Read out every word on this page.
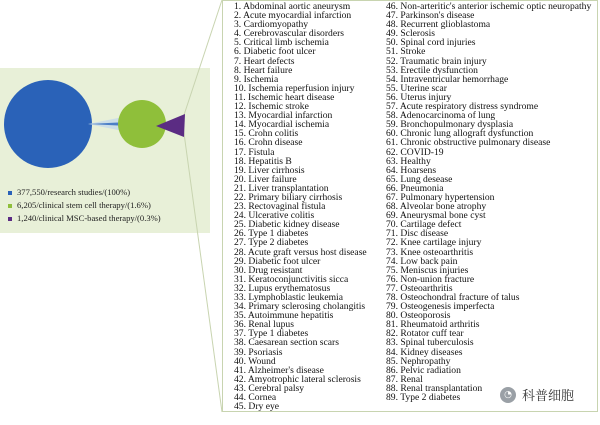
377,550/research studies/(100%)
6,205/clinical stem cell therapy/(1.6%)
1,240/clinical MSC-based therapy/(0.3%)
1. Abdominal aortic aneurysm
2. Acute myocardial infarction
3. Cardiomyopathy
4. Cerebrovascular disorders
5. Critical limb ischemia
6. Diabetic foot ulcer
7. Heart defects
8. Heart failure
9. Ischemia
10. Ischemia reperfusion injury
11. Ischemic heart disease
12. Ischemic stroke
13. Myocardial infarction
14. Myocardial ischemia
15. Crohn colitis
16. Crohn disease
17. Fistula
18. Hepatitis B
19. Liver cirrhosis
20. Liver failure
21. Liver transplantation
22. Primary biliary cirrhosis
23. Rectovaginal fistula
24. Ulcerative colitis
25. Diabetic kidney disease
26. Type 1 diabetes
27. Type 2 diabetes
28. Acute graft versus host disease
29. Diabetic foot ulcer
30. Drug resistant
31. Keratoconjunctivitis sicca
32. Lupus erythematosus
33. Lymphoblastic leukemia
34. Primary sclerosing cholangitis
35. Autoimmune hepatitis
36. Renal lupus
37. Type 1 diabetes
38. Caesarean section scars
39. Psoriasis
40. Wound
41. Alzheimer's disease
42. Amyotrophic lateral sclerosis
43. Cerebral palsy
44. Cornea
45. Dry eye
46. Non-arteritic's anterior ischemic optic neuropathy
47. Parkinson's disease
48. Recurrent glioblastoma
49. Sclerosis
50. Spinal cord injuries
51. Stroke
52. Traumatic brain injury
53. Erectile dysfunction
54. Intraventricular hemorrhage
55. Uterine scar
56. Uterus injury
57. Acute respiratory distress syndrome
58. Adenocarcinoma of lung
59. Bronchopulmonary dysplasia
60. Chronic lung allograft dysfunction
61. Chronic obstructive pulmonary disease
62. COVID-19
63. Healthy
64. Hoarsens
65. Lung desease
66. Pneumonia
67. Pulmonary hypertension
68. Alveolar bone atrophy
69. Aneurysmal bone cyst
70. Cartilage defect
71. Disc disease
72. Knee cartilage injury
73. Knee osteoarthritis
74. Low back pain
75. Meniscus injuries
76. Non-union fracture
77. Osteoarthritis
78. Osteochondral fracture of talus
79. Osteogenesis imperfecta
80. Osteoporosis
81. Rheumatoid arthritis
82. Rotator cuff tear
83. Spinal tuberculosis
84. Kidney diseases
85. Nephropathy
86. Pelvic radiation
87. Renal
88. Renal transplantation
89. Type 2 diabetes	◔ 科普细胞
